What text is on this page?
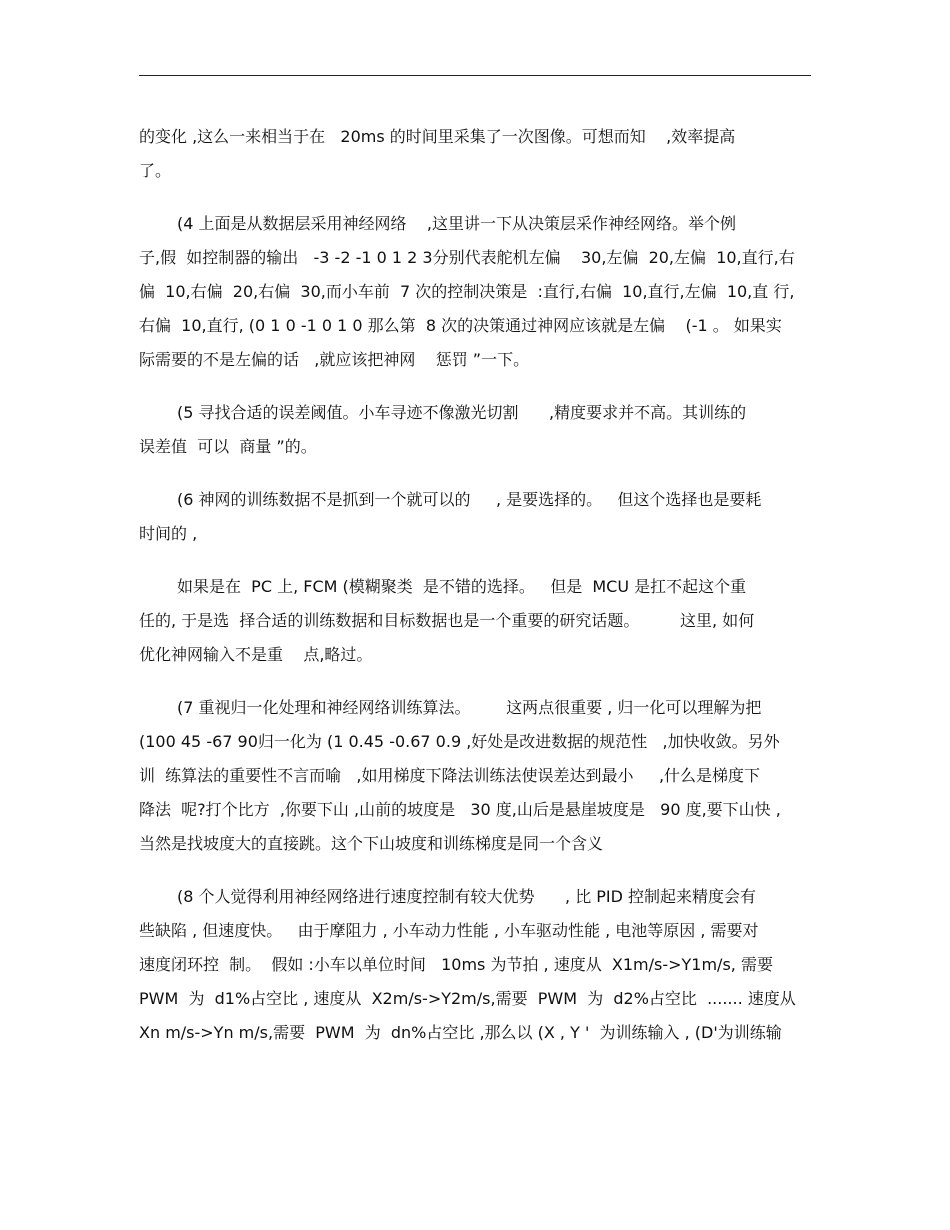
的变化 ,这么一来相当于在   20ms 的时间里采集了一次图像。可想而知    ,效率提高
了。
(4 上面是从数据层采用神经网络    ,这里讲一下从决策层采作神经网络。举个例
子,假  如控制器的输出   -3 -2 -1 0 1 2 3分别代表舵机左偏    30,左偏  20,左偏  10,直行,右
偏  10,右偏  20,右偏  30,而小车前  7 次的控制决策是  :直行,右偏  10,直行,左偏  10,直 行,
右偏  10,直行, (0 1 0 -1 0 1 0 那么第  8 次的决策通过神网应该就是左偏    (-1 。 如果实
际需要的不是左偏的话   ,就应该把神网    惩罚 ”一下。
(5 寻找合适的误差阈值。小车寻迹不像激光切割      ,精度要求并不高。其训练的
误差值  可以  商量 ”的。
(6 神网的训练数据不是抓到一个就可以的     , 是要选择的。   但这个选择也是要耗
时间的 ,
如果是在  PC 上, FCM (模糊聚类  是不错的选择。   但是  MCU 是扛不起这个重
任的, 于是选  择合适的训练数据和目标数据也是一个重要的研究话题。        这里, 如何
优化神网输入不是重    点,略过。
(7 重视归一化处理和神经网络训练算法。       这两点很重要 , 归一化可以理解为把
(100 45 -67 90归一化为 (1 0.45 -0.67 0.9 ,好处是改进数据的规范性   ,加快收敛。另外
训  练算法的重要性不言而喻   ,如用梯度下降法训练法使误差达到最小     ,什么是梯度下
降法  呢?打个比方  ,你要下山 ,山前的坡度是   30 度,山后是悬崖坡度是   90 度,要下山快 ,
当然是找坡度大的直接跳。这个下山坡度和训练梯度是同一个含义
(8 个人觉得利用神经网络进行速度控制有较大优势      , 比 PID 控制起来精度会有
些缺陷 , 但速度快。   由于摩阻力 , 小车动力性能 , 小车驱动性能 , 电池等原因 , 需要对
速度闭环控  制。  假如 :小车以单位时间   10ms 为节拍 , 速度从  X1m/s->Y1m/s, 需要
PWM  为  d1%占空比 , 速度从  X2m/s->Y2m/s,需要  PWM  为  d2%占空比  ....... 速度从
Xn m/s->Yn m/s,需要  PWM  为  dn%占空比 ,那么以 (X , Y '  为训练输入 , (D'为训练输
